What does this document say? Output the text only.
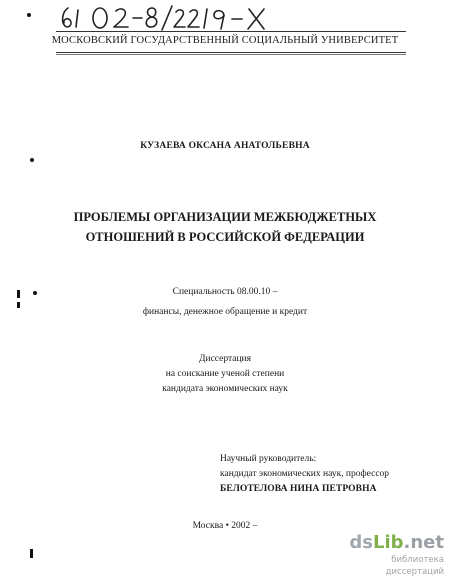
МОСКОВСКИЙ ГОСУДАРСТВЕННЫЙ СОЦИАЛЬНЫЙ УНИВЕРСИТЕТ
КУЗАЕВА ОКСАНА АНАТОЛЬЕВНА
ПРОБЛЕМЫ ОРГАНИЗАЦИИ МЕЖБЮДЖЕТНЫХ
ОТНОШЕНИЙ В РОССИЙСКОЙ ФЕДЕРАЦИИ
Специальность 08.00.10 –
финансы, денежное обращение и кредит
Диссертация
на соискание ученой степени
кандидата экономических наук
Научный руководитель:
кандидат экономических наук, профессор
БЕЛОТЕЛОВА НИНА ПЕТРОВНА
Москва • 2002 –
dsLib.net
библиотека диссертаций
